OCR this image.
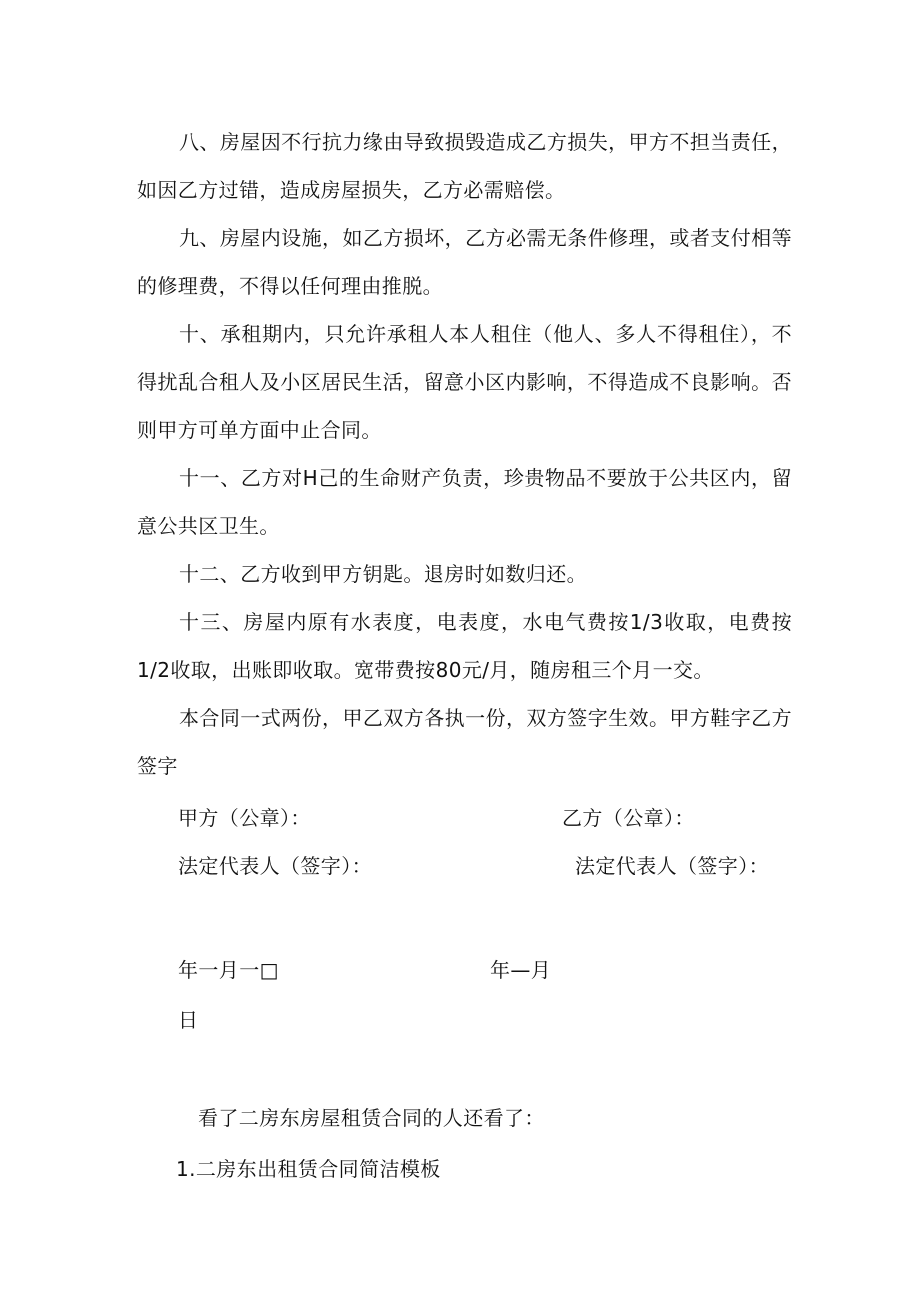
八、房屋因不行抗力缘由导致损毁造成乙方损失，甲方不担当责任，如因乙方过错，造成房屋损失，乙方必需赔偿。

九、房屋内设施，如乙方损坏，乙方必需无条件修理，或者支付相等的修理费，不得以任何理由推脱。

十、承租期内，只允许承租人本人租住（他人、多人不得租住），不得扰乱合租人及小区居民生活，留意小区内影响，不得造成不良影响。否则甲方可单方面中止合同。

十一、乙方对H己的生命财产负责，珍贵物品不要放于公共区内，留意公共区卫生。

十二、乙方收到甲方钥匙。退房时如数归还。

十三、房屋内原有水表度，电表度，水电气费按1/3收取，电费按1/2收取，出账即收取。宽带费按80元/月，随房租三个月一交。

本合同一式两份，甲乙双方各执一份，双方签字生效。甲方鞋字乙方签字

甲方（公章）：	乙方（公章）：
法定代表人（签字）：	法定代表人（签字）：
年一月一□	年—月
日
看了二房东房屋租赁合同的人还看了：
1.二房东出租赁合同简洁模板
